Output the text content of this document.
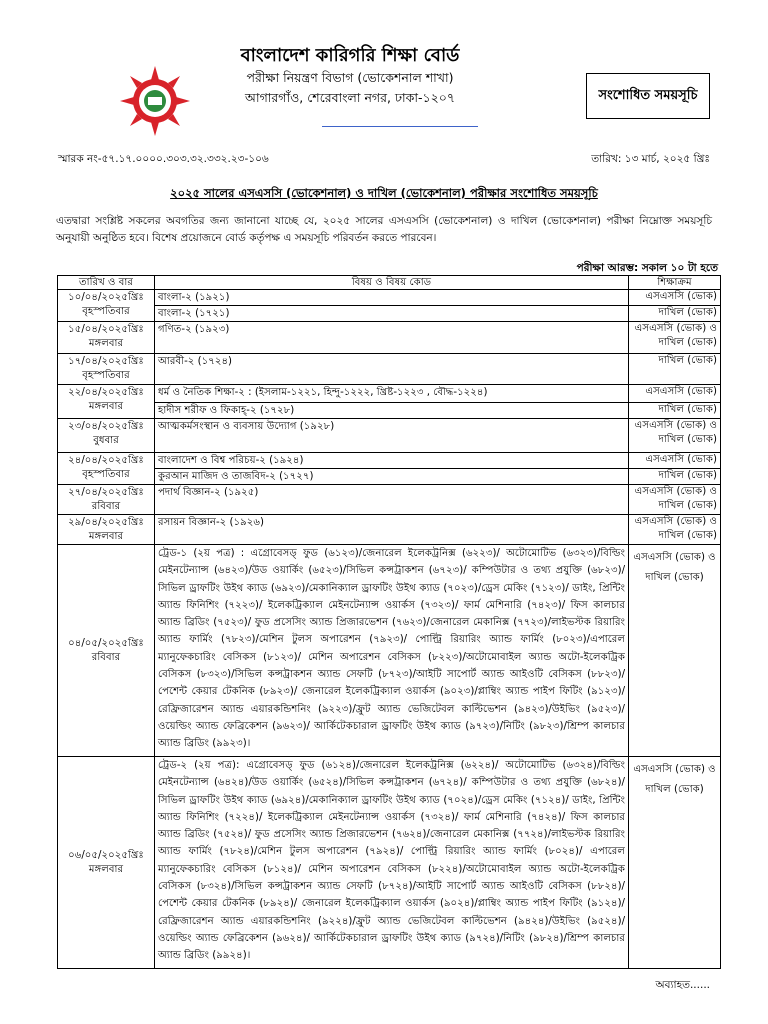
বাংলাদেশ কারিগরি শিক্ষা বোর্ড
পরীক্ষা নিয়ন্ত্রণ বিভাগ (ভোকেশনাল শাখা)
আগারগাঁও, শেরেবাংলা নগর, ঢাকা-১২০৭	সংশোধিত সময়সূচি
স্মারক নং-৫৭.১৭.০০০০.৩০৩.৩২.৩৩২.২৩-১০৬	তারিখ: ১৩ মার্চ, ২০২৫ খ্রিঃ
২০২৫ সালের এসএসসি (ভোকেশনাল) ও দাখিল (ভোকেশনাল) পরীক্ষার সংশোধিত সময়সূচি
এতদ্বারা সংশ্লিষ্ট সকলের অবগতির জন্য জানানো যাচ্ছে যে, ২০২৫ সালের এসএসসি (ভোকেশনাল) ও দাখিল (ভোকেশনাল) পরীক্ষা নিম্নোক্ত সময়সূচি অনুযায়ী অনুষ্ঠিত হবে। বিশেষ প্রয়োজনে বোর্ড কর্তৃপক্ষ এ সময়সূচি পরিবর্তন করতে পারবেন।
পরীক্ষা আরম্ভ: সকাল ১০ টা হতে
তারিখ ও বার	বিষয় ও বিষয় কোড	শিক্ষাক্রম

১০/০৪/২০২৫খ্রিঃ
বৃহস্পতিবার	বাংলা-২ (১৯২১)	এসএসসি (ভোক)
	বাংলা-২ (১৭২১)	দাখিল (ভোক)

১৫/০৪/২০২৫খ্রিঃ
মঙ্গলবার	গণিত-২ (১৯২৩)	এসএসসি (ভোক) ও দাখিল (ভোক)

১৭/০৪/২০২৫খ্রিঃ
বৃহস্পতিবার	আরবী-২ (১৭২৪)	দাখিল (ভোক)

২২/০৪/২০২৫খ্রিঃ
মঙ্গলবার	ধর্ম ও নৈতিক শিক্ষা-২ : (ইসলাম-১২২১, হিন্দু-১২২২, খ্রিষ্ট-১২২৩ , বৌদ্ধ-১২২৪)	এসএসসি (ভোক)
	হাদীস শরীফ ও ফিকাহ্-২ (১৭২৮)	দাখিল (ভোক)

২৩/০৪/২০২৫খ্রিঃ
বুধবার	আত্মকর্মসংস্থান ও ব্যবসায় উদ্যোগ (১৯২৮)	এসএসসি (ভোক) ও দাখিল (ভোক)

২৪/০৪/২০২৫খ্রিঃ
বৃহস্পতিবার	বাংলাদেশ ও বিশ্ব পরিচয়-২ (১৯২৪)	এসএসসি (ভোক)
	কুরআন মাজিদ ও তাজবিদ-২ (১৭২৭)	দাখিল (ভোক)

২৭/০৪/২০২৫খ্রিঃ
রবিবার	পদার্থ বিজ্ঞান-২ (১৯২৫)	এসএসসি (ভোক) ও দাখিল (ভোক)

২৯/০৪/২০২৫খ্রিঃ
মঙ্গলবার	রসায়ন বিজ্ঞান-২ (১৯২৬)	এসএসসি (ভোক) ও দাখিল (ভোক)

০৪/০৫/২০২৫খ্রিঃ
রবিবার	ট্রেড-১ (২য় পত্র) : এগ্রোবেসড্ ফুড (৬১২৩)/জেনারেল ইলেকট্রনিক্স (৬২২৩)/ অটোমোটিভ (৬৩২৩)/বিল্ডিং মেইনটেন্যান্স (৬৪২৩)/উড ওয়ার্কিং (৬৫২৩)/সিভিল কন্সট্রাকশন (৬৭২৩)/ কম্পিউটার ও তথ্য প্রযুক্তি (৬৮২৩)/সিভিল ড্রাফটিং উইথ ক্যাড (৬৯২৩)/মেকানিক্যাল ড্রাফটিং উইথ ক্যাড (৭০২৩)/ড্রেস মেকিং (৭১২৩)/ ডাইং, প্রিন্টিং অ্যান্ড ফিনিশিং (৭২২৩)/ ইলেকট্রিক্যাল মেইনটেন্যান্স ওয়ার্কস (৭৩২৩)/ ফার্ম মেশিনারি (৭৪২৩)/ ফিস কালচার অ্যান্ড ব্রিডিং (৭৫২৩)/ ফুড প্রসেসিং অ্যান্ড প্রিজারভেশন (৭৬২৩)/জেনারেল মেকানিক্স (৭৭২৩)/লাইভস্টক রিয়ারিং অ্যান্ড ফার্মিং (৭৮২৩)/মেশিন টুলস অপারেশন (৭৯২৩)/ পোল্ট্রি রিয়ারিং অ্যান্ড ফার্মিং (৮০২৩)/এপারেল ম্যানুফেকচারিং বেসিকস (৮১২৩)/ মেশিন অপারেশন বেসিকস (৮২২৩)/অটোমোবাইল অ্যান্ড অটো-ইলেকট্রিক বেসিকস (৮৩২৩)/সিভিল কন্সট্রাকশন অ্যান্ড সেফটি (৮৭২৩)/আইটি সাপোর্ট অ্যান্ড আইওটি বেসিকস (৮৮২৩)/পেশেন্ট কেয়ার টেকনিক (৮৯২৩)/ জেনারেল ইলেকট্রিক্যাল ওয়ার্কস (৯০২৩)/প্লাম্বিং অ্যান্ড পাইপ ফিটিং (৯১২৩)/রেফ্রিজারেশন অ্যান্ড এয়ারকন্ডিশনিং (৯২২৩)/ফ্রুট অ্যান্ড ভেজিটেবল কাল্টিভেশন (৯৪২৩)/উইভিং (৯৫২৩)/ওয়েল্ডিং অ্যান্ড ফেব্রিকেশন (৯৬২৩)/ আর্কিটেকচারাল ড্রাফটিং উইথ ক্যাড (৯৭২৩)/নিটিং (৯৮২৩)/শ্রিম্প কালচার অ্যান্ড ব্রিডিং (৯৯২৩)।	এসএসসি (ভোক) ও দাখিল (ভোক)

০৬/০৫/২০২৫খ্রিঃ
মঙ্গলবার	ট্রেড-২ (২য় পত্র): এগ্রোবেসড্ ফুড (৬১২৪)/জেনারেল ইলেকট্রনিক্স (৬২২৪)/ অটোমোটিভ (৬৩২৪)/বিল্ডিং মেইনটেন্যান্স (৬৪২৪)/উড ওয়ার্কিং (৬৫২৪)/সিভিল কন্সট্রাকশন (৬৭২৪)/ কম্পিউটার ও তথ্য প্রযুক্তি (৬৮২৪)/সিভিল ড্রাফটিং উইথ ক্যাড (৬৯২৪)/মেকানিক্যাল ড্রাফটিং উইথ ক্যাড (৭০২৪)/ড্রেস মেকিং (৭১২৪)/ ডাইং, প্রিন্টিং অ্যান্ড ফিনিশিং (৭২২৪)/ ইলেকট্রিক্যাল মেইনটেন্যান্স ওয়ার্কস (৭৩২৪)/ ফার্ম মেশিনারি (৭৪২৪)/ ফিস কালচার অ্যান্ড ব্রিডিং (৭৫২৪)/ ফুড প্রসেসিং অ্যান্ড প্রিজারভেশন (৭৬২৪)/জেনারেল মেকানিক্স (৭৭২৪)/লাইভস্টক রিয়ারিং অ্যান্ড ফার্মিং (৭৮২৪)/মেশিন টুলস অপারেশন (৭৯২৪)/ পোল্ট্রি রিয়ারিং অ্যান্ড ফার্মিং (৮০২৪)/ এপারেল ম্যানুফেকচারিং বেসিকস (৮১২৪)/ মেশিন অপারেশন বেসিকস (৮২২৪)/অটোমোবাইল অ্যান্ড অটো-ইলেকট্রিক বেসিকস (৮৩২৪)/সিভিল কন্সট্রাকশন অ্যান্ড সেফটি (৮৭২৪)/আইটি সাপোর্ট অ্যান্ড আইওটি বেসিকস (৮৮২৪)/ পেশেন্ট কেয়ার টেকনিক (৮৯২৪)/ জেনারেল ইলেকট্রিক্যাল ওয়ার্কস (৯০২৪)/প্লাম্বিং অ্যান্ড পাইপ ফিটিং (৯১২৪)/রেফ্রিজারেশন অ্যান্ড এয়ারকন্ডিশনিং (৯২২৪)/ফ্রুট অ্যান্ড ভেজিটেবল কাল্টিভেশন (৯৪২৪)/উইভিং (৯৫২৪)/ওয়েল্ডিং অ্যান্ড ফেব্রিকেশন (৯৬২৪)/ আর্কিটেকচারাল ড্রাফটিং উইথ ক্যাড (৯৭২৪)/নিটিং (৯৮২৪)/শ্রিম্প কালচার অ্যান্ড ব্রিডিং (৯৯২৪)।	এসএসসি (ভোক) ও দাখিল (ভোক)
অব্যাহত......
